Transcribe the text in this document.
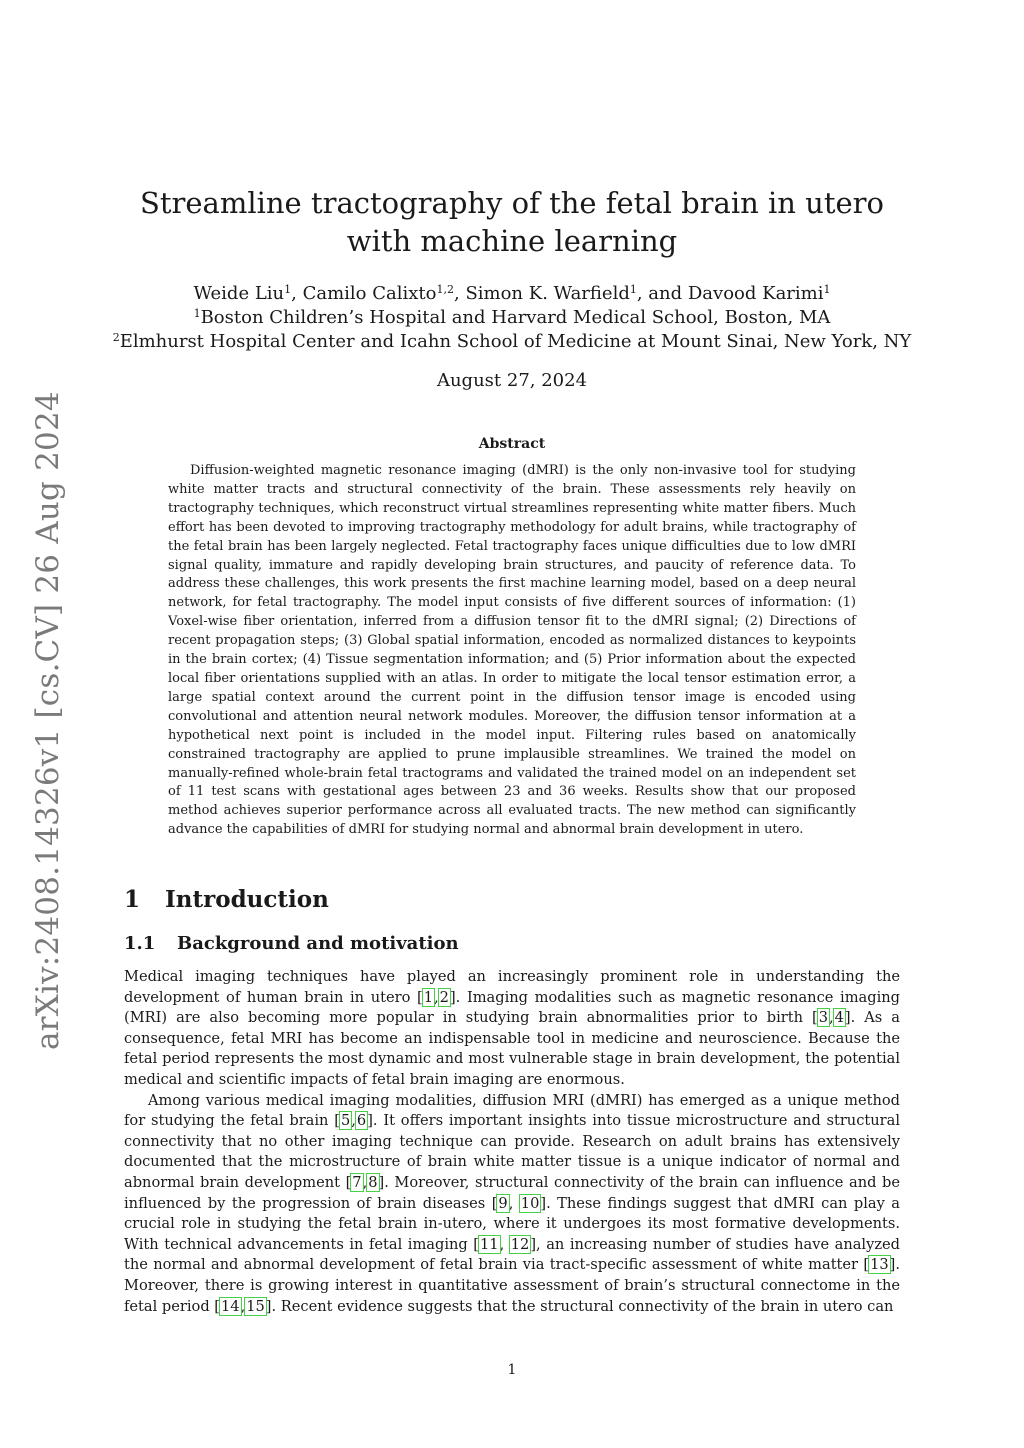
arXiv:2408.14326v1 [cs.CV] 26 Aug 2024
Streamline tractography of the fetal brain in utero with machine learning
Weide Liu$^1$, Camilo Calixto$^{1,2}$, Simon K. Warfield$^1$, and Davood Karimi$^1$
$^1$Boston Children’s Hospital and Harvard Medical School, Boston, MA
$^2$Elmhurst Hospital Center and Icahn School of Medicine at Mount Sinai, New York, NY
August 27, 2024
Abstract

Diffusion-weighted magnetic resonance imaging (dMRI) is the only non-invasive tool for studying white matter tracts and structural connectivity of the brain. These assessments rely heavily on tractography techniques, which reconstruct virtual streamlines representing white matter fibers. Much effort has been devoted to improving tractography methodology for adult brains, while tractography of the fetal brain has been largely neglected. Fetal tractography faces unique difficulties due to low dMRI signal quality, immature and rapidly developing brain structures, and paucity of reference data. To address these challenges, this work presents the first machine learning model, based on a deep neural network, for fetal tractography. The model input consists of five different sources of information: (1) Voxel-wise fiber orientation, inferred from a diffusion tensor fit to the dMRI signal; (2) Directions of recent propagation steps; (3) Global spatial information, encoded as normalized distances to keypoints in the brain cortex; (4) Tissue segmentation information; and (5) Prior information about the expected local fiber orientations supplied with an atlas. In order to mitigate the local tensor estimation error, a large spatial context around the current point in the diffusion tensor image is encoded using convolutional and attention neural network modules. Moreover, the diffusion tensor information at a hypothetical next point is included in the model input. Filtering rules based on anatomically constrained tractography are applied to prune implausible streamlines. We trained the model on manually-refined whole-brain fetal tractograms and validated the trained model on an independent set of 11 test scans with gestational ages between 23 and 36 weeks. Results show that our proposed method achieves superior performance across all evaluated tracts. The new method can significantly advance the capabilities of dMRI for studying normal and abnormal brain development in utero.

1 Introduction
1.1 Background and motivation

Medical imaging techniques have played an increasingly prominent role in understanding the development of human brain in utero [1,2]. Imaging modalities such as magnetic resonance imaging (MRI) are also becoming more popular in studying brain abnormalities prior to birth [3,4]. As a consequence, fetal MRI has become an indispensable tool in medicine and neuroscience. Because the fetal period represents the most dynamic and most vulnerable stage in brain development, the potential medical and scientific impacts of fetal brain imaging are enormous.

Among various medical imaging modalities, diffusion MRI (dMRI) has emerged as a unique method for studying the fetal brain [5,6]. It offers important insights into tissue microstructure and structural connectivity that no other imaging technique can provide. Research on adult brains has extensively documented that the microstructure of brain white matter tissue is a unique indicator of normal and abnormal brain development [7,8]. Moreover, structural connectivity of the brain can influence and be influenced by the progression of brain diseases [9, 10]. These findings suggest that dMRI can play a crucial role in studying the fetal brain in-utero, where it undergoes its most formative developments. With technical advancements in fetal imaging [11, 12], an increasing number of studies have analyzed the normal and abnormal development of fetal brain via tract-specific assessment of white matter [13]. Moreover, there is growing interest in quantitative assessment of brain’s structural connectome in the fetal period [14,15]. Recent evidence suggests that the structural connectivity of the brain in utero can

1
